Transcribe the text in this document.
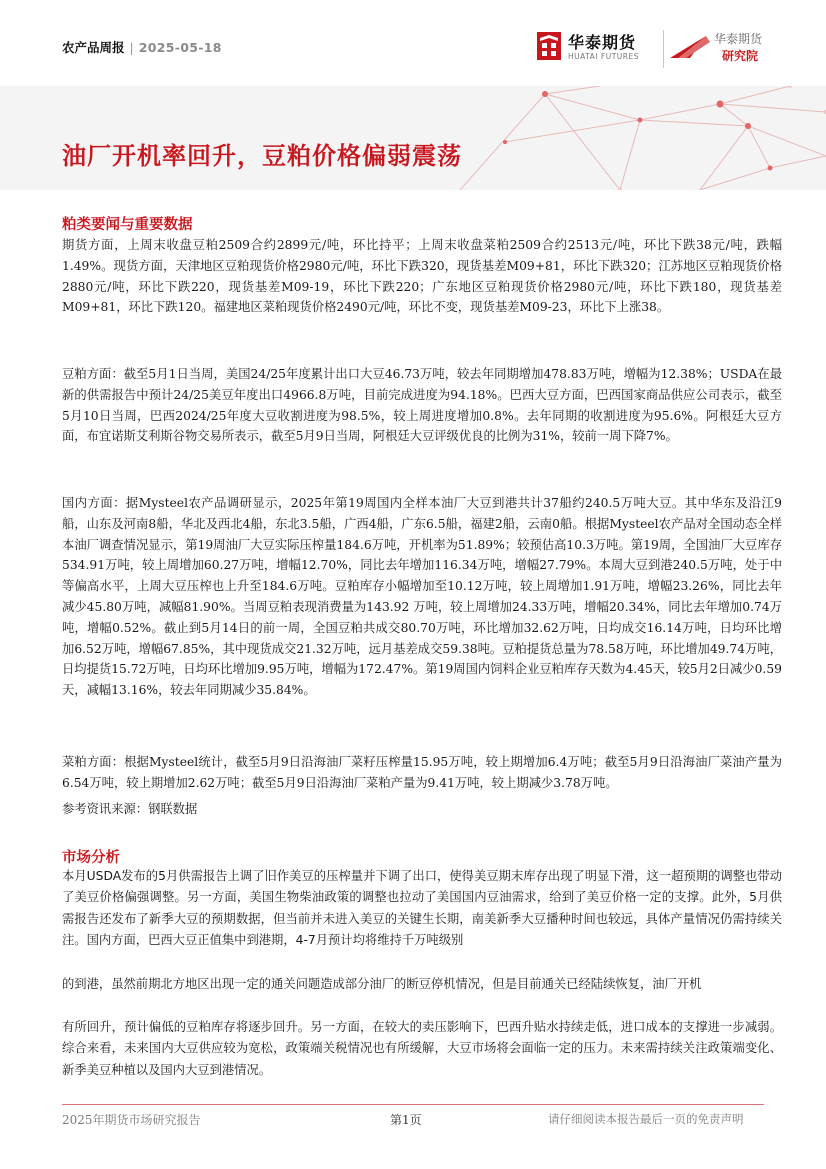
农产品周报 | 2025-05-18	华泰期货
HUATAI FUTURES
华泰期货
研究院
油厂开机率回升，豆粕价格偏弱震荡
粕类要闻与重要数据

期货方面，上周末收盘豆粕2509合约2899元/吨，环比持平；上周末收盘菜粕2509合约2513元/吨，环比下跌38元/吨，跌幅1.49%。现货方面，天津地区豆粕现货价格2980元/吨，环比下跌320，现货基差M09+81，环比下跌320；江苏地区豆粕现货价格2880元/吨，环比下跌220，现货基差M09-19，环比下跌220；广东地区豆粕现货价格2980元/吨，环比下跌180，现货基差M09+81，环比下跌120。福建地区菜粕现货价格2490元/吨，环比不变，现货基差M09-23，环比下上涨38。

豆粕方面：截至5月1日当周，美国24/25年度累计出口大豆46.73万吨，较去年同期增加478.83万吨，增幅为12.38%；USDA在最新的供需报告中预计24/25美豆年度出口4966.8万吨，目前完成进度为94.18%。巴西大豆方面，巴西国家商品供应公司表示，截至5月10日当周，巴西2024/25年度大豆收割进度为98.5%，较上周进度增加0.8%。去年同期的收割进度为95.6%。阿根廷大豆方面，布宜诺斯艾利斯谷物交易所表示，截至5月9日当周，阿根廷大豆评级优良的比例为31%，较前一周下降7%。

国内方面：据Mysteel农产品调研显示，2025年第19周国内全样本油厂大豆到港共计37船约240.5万吨大豆。其中华东及沿江9船，山东及河南8船，华北及西北4船，东北3.5船，广西4船，广东6.5船，福建2船，云南0船。根据Mysteel农产品对全国动态全样本油厂调查情况显示，第19周油厂大豆实际压榨量184.6万吨，开机率为51.89%；较预估高10.3万吨。第19周，全国油厂大豆库存534.91万吨，较上周增加60.27万吨，增幅12.70%，同比去年增加116.34万吨，增幅27.79%。本周大豆到港240.5万吨，处于中等偏高水平，上周大豆压榨也上升至184.6万吨。豆粕库存小幅增加至10.12万吨，较上周增加1.91万吨，增幅23.26%，同比去年减少45.80万吨，减幅81.90%。当周豆粕表现消费量为143.92 万吨，较上周增加24.33万吨，增幅20.34%，同比去年增加0.74万吨，增幅0.52%。截止到5月14日的前一周，全国豆粕共成交80.70万吨，环比增加32.62万吨，日均成交16.14万吨，日均环比增加6.52万吨，增幅67.85%，其中现货成交21.32万吨，远月基差成交59.38吨。豆粕提货总量为78.58万吨，环比增加49.74万吨，日均提货15.72万吨，日均环比增加9.95万吨，增幅为172.47%。第19周国内饲料企业豆粕库存天数为4.45天，较5月2日减少0.59天，减幅13.16%，较去年同期减少35.84%。

菜粕方面：根据Mysteel统计，截至5月9日沿海油厂菜籽压榨量15.95万吨，较上期增加6.4万吨；截至5月9日沿海油厂菜油产量为6.54万吨，较上期增加2.62万吨；截至5月9日沿海油厂菜粕产量为9.41万吨，较上期减少3.78万吨。

参考资讯来源：钢联数据

市场分析

本月USDA发布的5月供需报告上调了旧作美豆的压榨量并下调了出口，使得美豆期末库存出现了明显下滑，这一超预期的调整也带动了美豆价格偏强调整。另一方面，美国生物柴油政策的调整也拉动了美国国内豆油需求，给到了美豆价格一定的支撑。此外，5月供需报告还发布了新季大豆的预期数据，但当前并未进入美豆的关键生长期，南美新季大豆播种时间也较远，具体产量情况仍需持续关注。国内方面，巴西大豆正值集中到港期，4-7月预计均将维持千万吨级别

的到港，虽然前期北方地区出现一定的通关问题造成部分油厂的断豆停机情况，但是目前通关已经陆续恢复，油厂开机

有所回升，预计偏低的豆粕库存将逐步回升。另一方面，在较大的卖压影响下，巴西升贴水持续走低，进口成本的支撑进一步减弱。综合来看，未来国内大豆供应较为宽松，政策端关税情况也有所缓解，大豆市场将会面临一定的压力。未来需持续关注政策端变化、新季美豆种植以及国内大豆到港情况。

2025年期货市场研究报告	第1页	请仔细阅读本报告最后一页的免责声明
